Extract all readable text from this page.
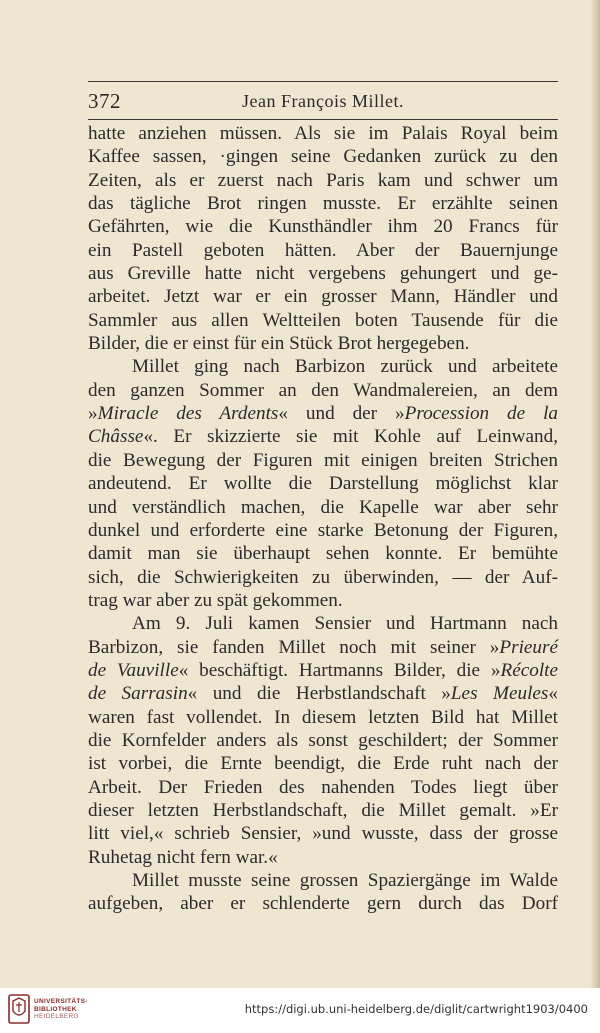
372	Jean François Millet.
hatte anziehen müssen. Als sie im Palais Royal beim
Kaffee sassen, ·gingen seine Gedanken zurück zu den
Zeiten, als er zuerst nach Paris kam und schwer um
das tägliche Brot ringen musste. Er erzählte seinen
Gefährten, wie die Kunsthändler ihm 20 Francs für
ein Pastell geboten hätten. Aber der Bauernjunge
aus Greville hatte nicht vergebens gehungert und ge-
arbeitet. Jetzt war er ein grosser Mann, Händler und
Sammler aus allen Weltteilen boten Tausende für die
Bilder, die er einst für ein Stück Brot hergegeben.
Millet ging nach Barbizon zurück und arbeitete
den ganzen Sommer an den Wandmalereien, an dem
»Miracle des Ardents« und der »Procession de la
Châsse«. Er skizzierte sie mit Kohle auf Leinwand,
die Bewegung der Figuren mit einigen breiten Strichen
andeutend. Er wollte die Darstellung möglichst klar
und verständlich machen, die Kapelle war aber sehr
dunkel und erforderte eine starke Betonung der Figuren,
damit man sie überhaupt sehen konnte. Er bemühte
sich, die Schwierigkeiten zu überwinden, — der Auf-
trag war aber zu spät gekommen.
Am 9. Juli kamen Sensier und Hartmann nach
Barbizon, sie fanden Millet noch mit seiner »Prieuré
de Vauville« beschäftigt. Hartmanns Bilder, die »Récolte
de Sarrasin« und die Herbstlandschaft »Les Meules«
waren fast vollendet. In diesem letzten Bild hat Millet
die Kornfelder anders als sonst geschildert; der Sommer
ist vorbei, die Ernte beendigt, die Erde ruht nach der
Arbeit. Der Frieden des nahenden Todes liegt über
dieser letzten Herbstlandschaft, die Millet gemalt. »Er
litt viel,« schrieb Sensier, »und wusste, dass der grosse
Ruhetag nicht fern war.«
Millet musste seine grossen Spaziergänge im Walde
aufgeben, aber er schlenderte gern durch das Dorf
UNIVERSITÄTS-
BIBLIOTHEK
HEIDELBERG
https://digi.ub.uni-heidelberg.de/diglit/cartwright1903/0400
